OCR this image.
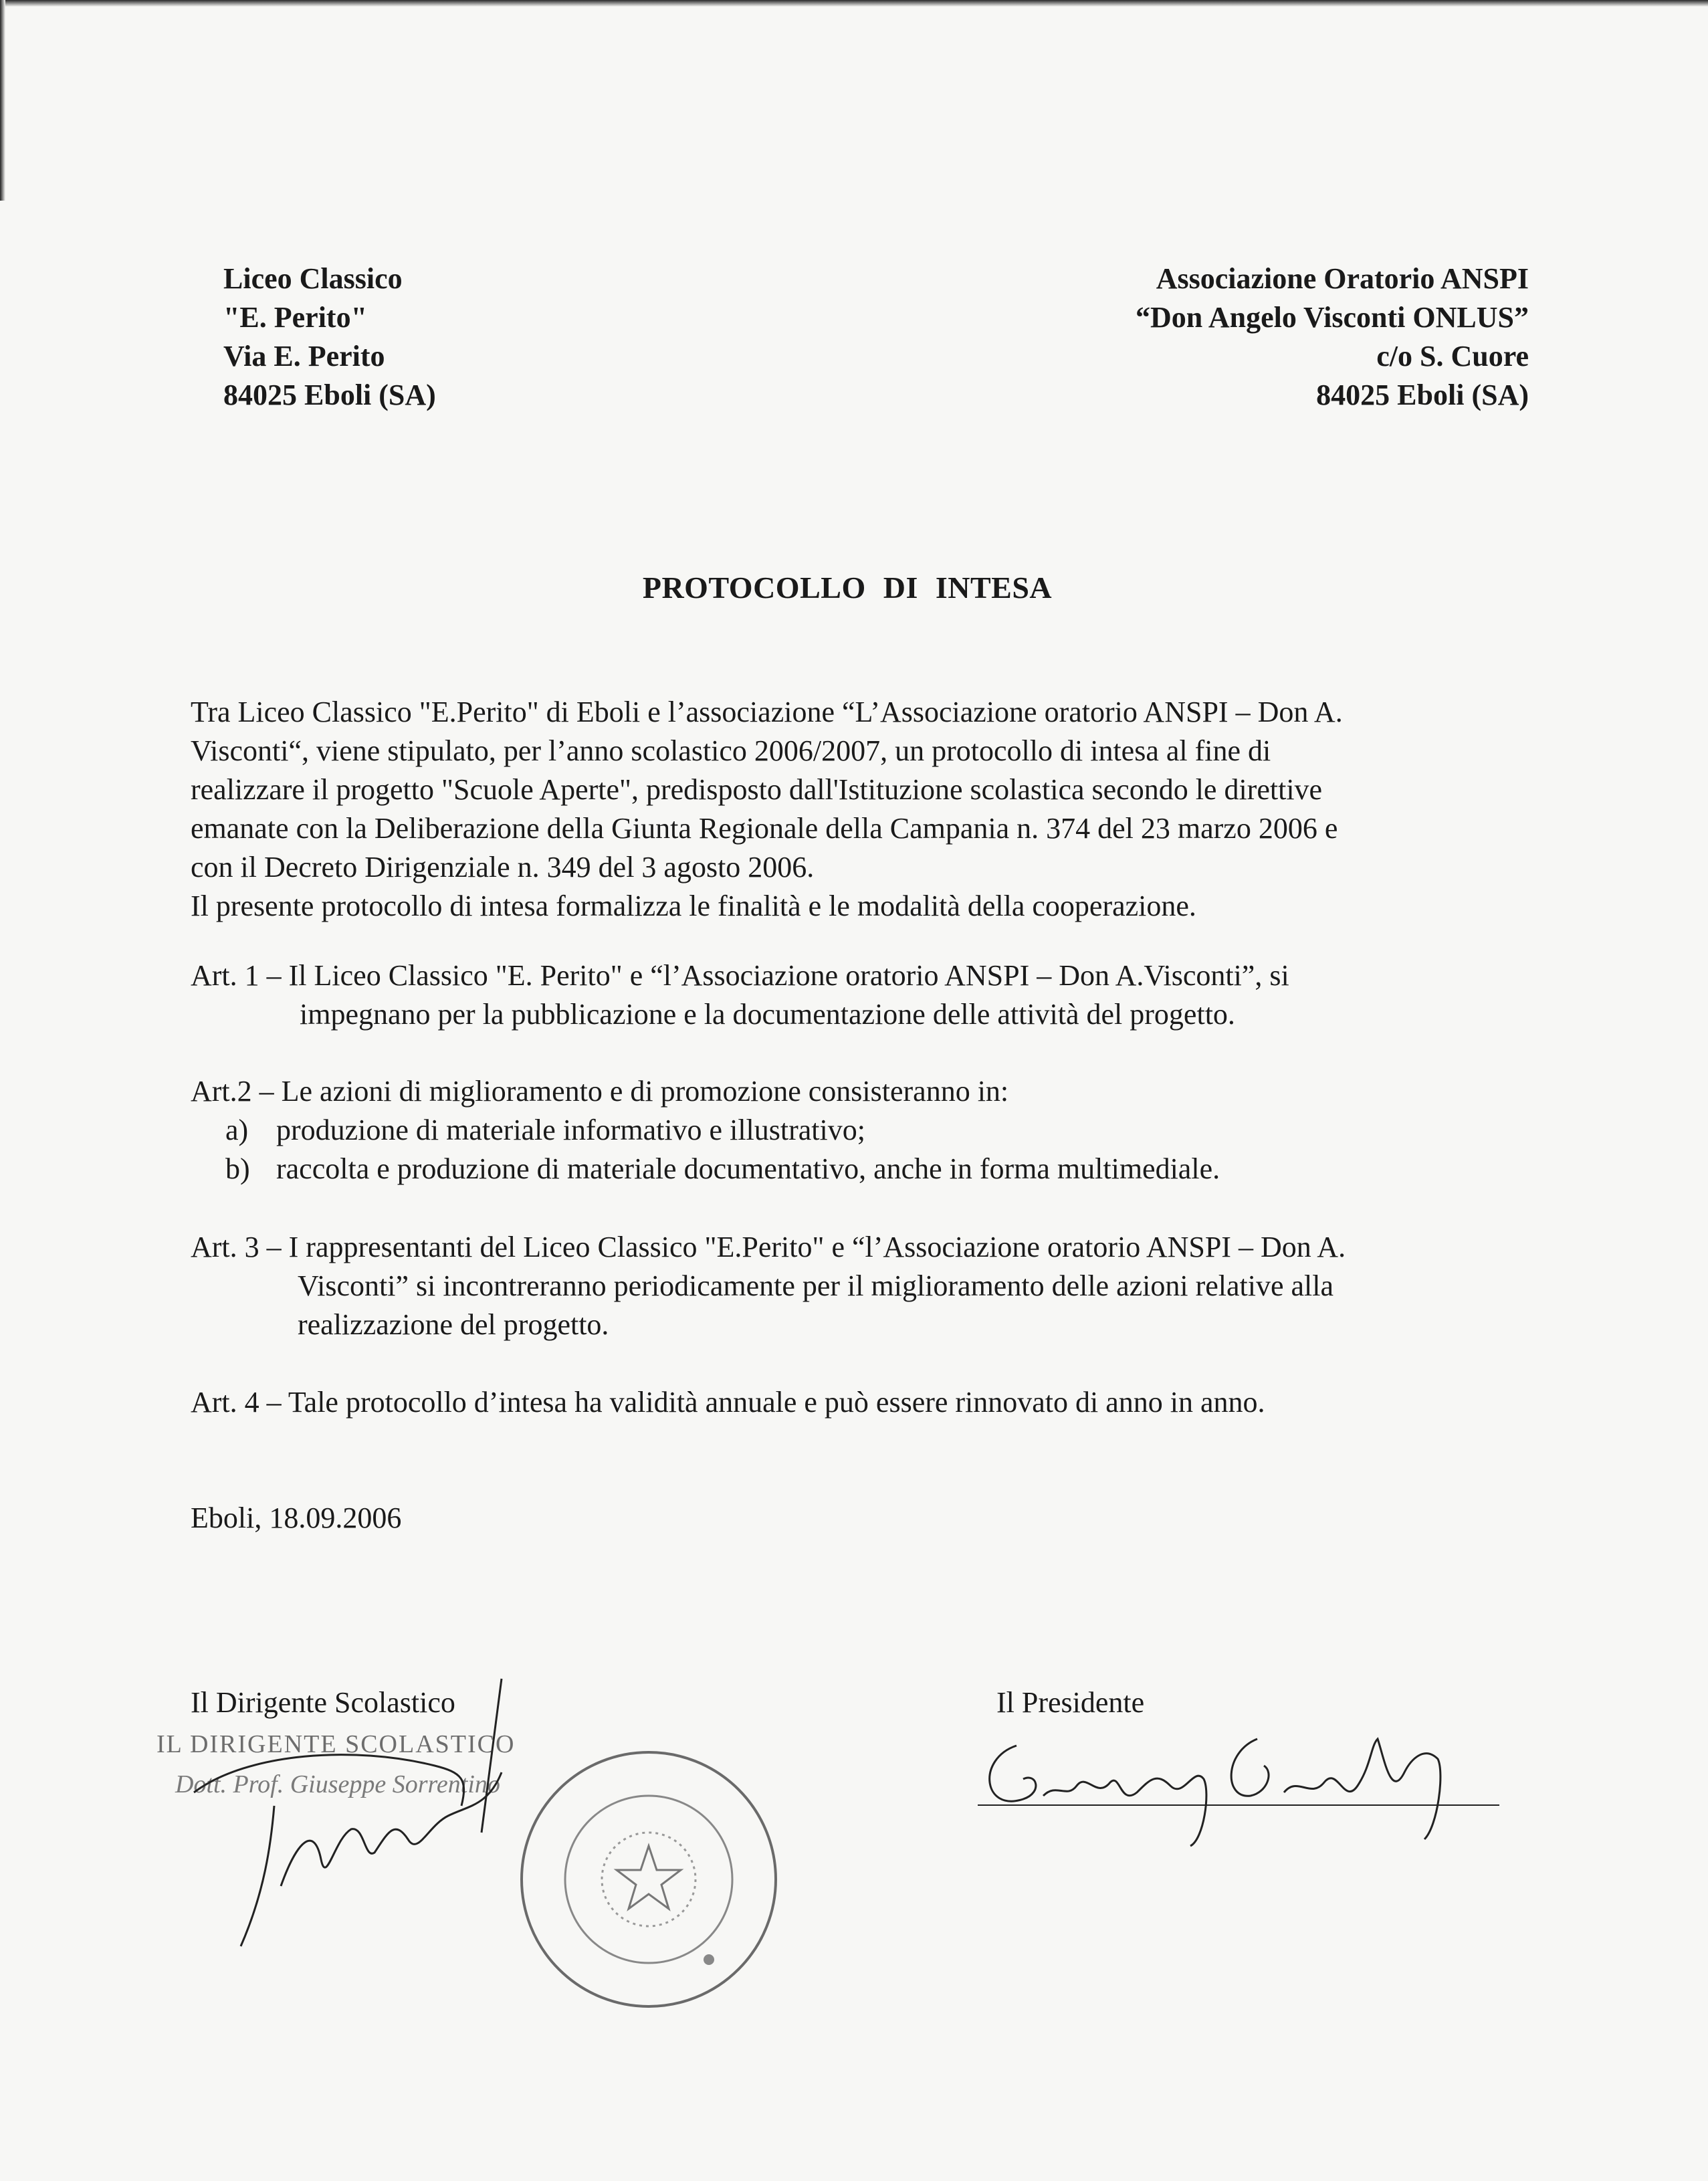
Liceo Classico
"E. Perito"
Via E. Perito
84025 Eboli (SA)
Associazione Oratorio ANSPI
“Don Angelo Visconti ONLUS”
c/o S. Cuore
84025 Eboli (SA)
PROTOCOLLO DI INTESA
Tra Liceo Classico "E.Perito" di Eboli e l’associazione “L’Associazione oratorio ANSPI – Don A.
Visconti“, viene stipulato, per l’anno scolastico 2006/2007, un protocollo di intesa al fine di
realizzare il progetto "Scuole Aperte", predisposto dall'Istituzione scolastica secondo le direttive
emanate con la Deliberazione della Giunta Regionale della Campania n. 374 del 23 marzo 2006 e
con il Decreto Dirigenziale n. 349 del 3 agosto 2006.
Il presente protocollo di intesa formalizza le finalità e le modalità della cooperazione.
Art. 1 – Il Liceo Classico "E. Perito" e “l’Associazione oratorio ANSPI – Don A.Visconti”, si
impegnano per la pubblicazione e la documentazione delle attività del progetto.
Art.2 – Le azioni di miglioramento e di promozione consisteranno in:
a) produzione di materiale informativo e illustrativo;
b) raccolta e produzione di materiale documentativo, anche in forma multimediale.
Art. 3 – I rappresentanti del Liceo Classico "E.Perito" e “l’Associazione oratorio ANSPI – Don A.
Visconti” si incontreranno periodicamente per il miglioramento delle azioni relative alla
realizzazione del progetto.
Art. 4 – Tale protocollo d’intesa ha validità annuale e può essere rinnovato di anno in anno.
Eboli, 18.09.2006
Il Dirigente Scolastico	Il Presidente
IL DIRIGENTE SCOLASTICO
Dott. Prof. Giuseppe Sorrentino
